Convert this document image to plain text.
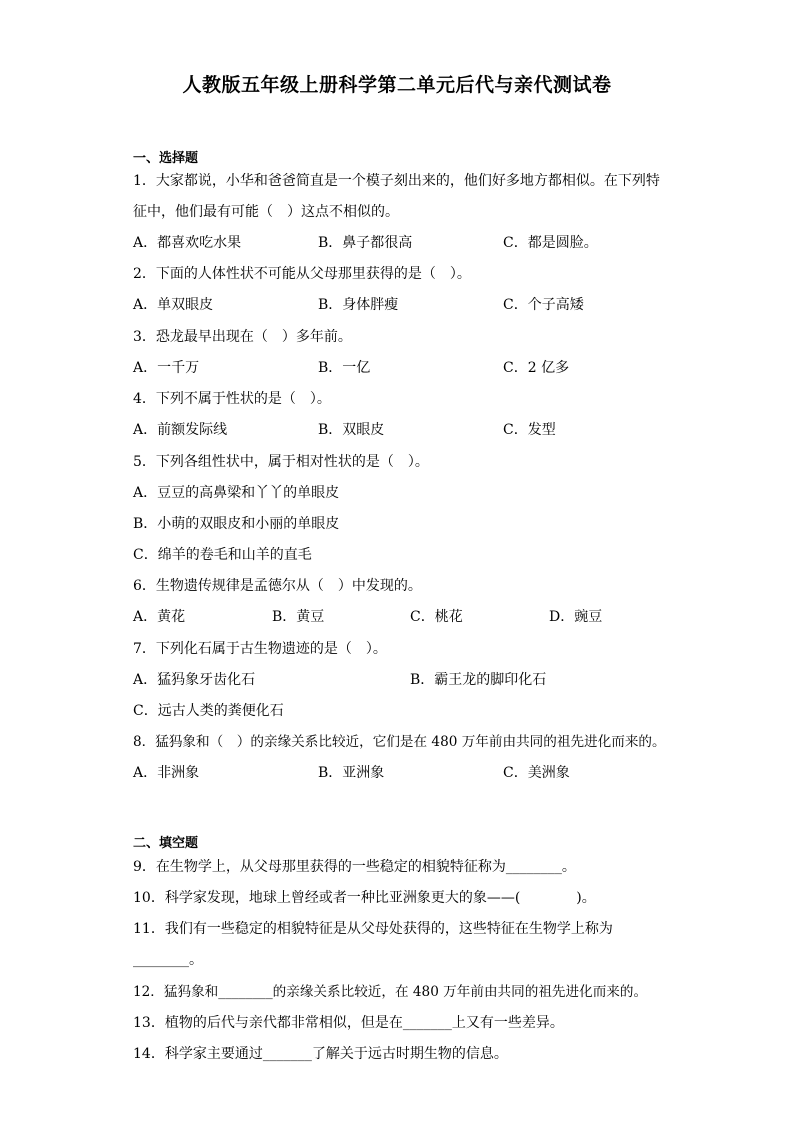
人教版五年级上册科学第二单元后代与亲代测试卷
一、选择题
1．大家都说，小华和爸爸简直是一个模子刻出来的，他们好多地方都相似。在下列特
征中，他们最有可能（　）这点不相似的。
A．都喜欢吃水果	B．鼻子都很高	C．都是圆脸。
2．下面的人体性状不可能从父母那里获得的是（　）。
A．单双眼皮	B．身体胖瘦	C．个子高矮
3．恐龙最早出现在（　）多年前。
A．一千万	B．一亿	C．2 亿多
4．下列不属于性状的是（　）。
A．前额发际线	B．双眼皮	C．发型
5．下列各组性状中，属于相对性状的是（　）。
A．豆豆的高鼻梁和丫丫的单眼皮
B．小萌的双眼皮和小丽的单眼皮
C．绵羊的卷毛和山羊的直毛
6．生物遗传规律是孟德尔从（　）中发现的。
A．黄花	B．黄豆	C．桃花	D．豌豆
7．下列化石属于古生物遗迹的是（　）。
A．猛犸象牙齿化石	B．霸王龙的脚印化石
C．远古人类的粪便化石
8．猛犸象和（　）的亲缘关系比较近，它们是在 480 万年前由共同的祖先进化而来的。
A．非洲象	B．亚洲象	C．美洲象
二、填空题
9．在生物学上，从父母那里获得的一些稳定的相貌特征称为________。
10．科学家发现，地球上曾经或者一种比亚洲象更大的象——(　　　　)。
11．我们有一些稳定的相貌特征是从父母处获得的，这些特征在生物学上称为
________。
12．猛犸象和________的亲缘关系比较近，在 480 万年前由共同的祖先进化而来的。
13．植物的后代与亲代都非常相似，但是在_______上又有一些差异。
14．科学家主要通过_______了解关于远古时期生物的信息。
